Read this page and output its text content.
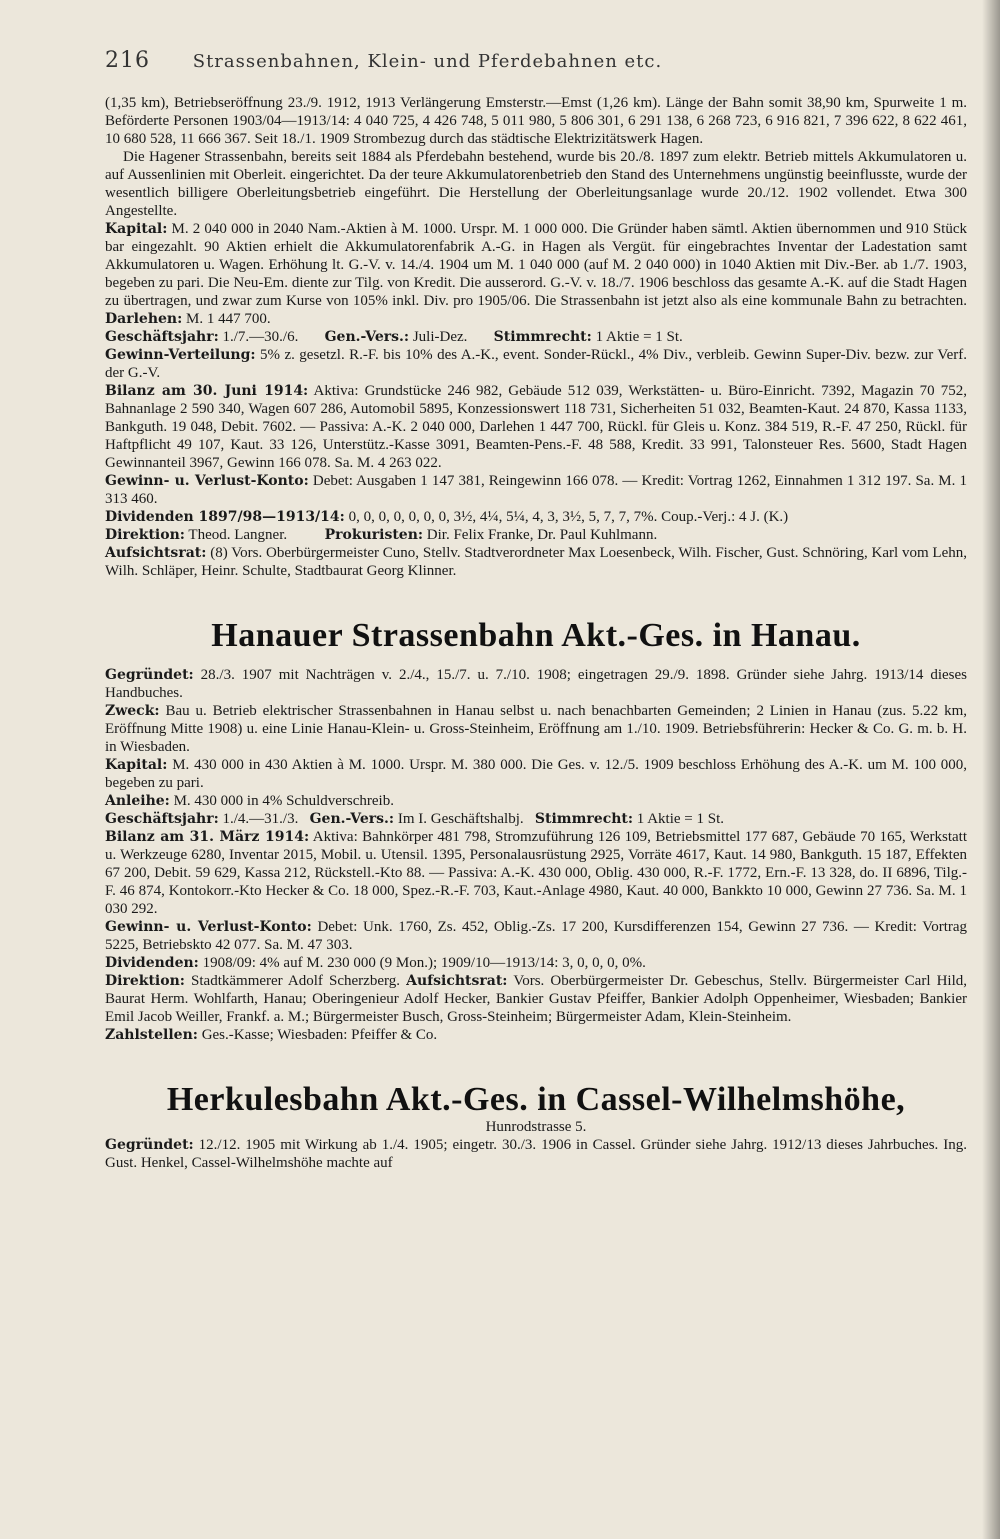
216 Strassenbahnen, Klein- und Pferdebahnen etc.

(1,35 km), Betriebseröffnung 23./9. 1912, 1913 Verlängerung Emsterstr.—Emst (1,26 km). Länge der Bahn somit 38,90 km, Spurweite 1 m. Beförderte Personen 1903/04—1913/14: 4 040 725, 4 426 748, 5 011 980, 5 806 301, 6 291 138, 6 268 723, 6 916 821, 7 396 622, 8 622 461, 10 680 528, 11 666 367. Seit 18./1. 1909 Strombezug durch das städtische Elektrizitätswerk Hagen.

Die Hagener Strassenbahn, bereits seit 1884 als Pferdebahn bestehend, wurde bis 20./8. 1897 zum elektr. Betrieb mittels Akkumulatoren u. auf Aussenlinien mit Oberleit. eingerichtet. Da der teure Akkumulatorenbetrieb den Stand des Unternehmens ungünstig beeinflusste, wurde der wesentlich billigere Oberleitungsbetrieb eingeführt. Die Herstellung der Oberleitungsanlage wurde 20./12. 1902 vollendet. Etwa 300 Angestellte.

Kapital: M. 2 040 000 in 2040 Nam.-Aktien à M. 1000. Urspr. M. 1 000 000. Die Gründer haben sämtl. Aktien übernommen und 910 Stück bar eingezahlt. 90 Aktien erhielt die Akkumulatorenfabrik A.-G. in Hagen als Vergüt. für eingebrachtes Inventar der Ladestation samt Akkumulatoren u. Wagen. Erhöhung lt. G.-V. v. 14./4. 1904 um M. 1 040 000 (auf M. 2 040 000) in 1040 Aktien mit Div.-Ber. ab 1./7. 1903, begeben zu pari. Die Neu-Em. diente zur Tilg. von Kredit. Die ausserord. G.-V. v. 18./7. 1906 beschloss das gesamte A.-K. auf die Stadt Hagen zu übertragen, und zwar zum Kurse von 105% inkl. Div. pro 1905/06. Die Strassenbahn ist jetzt also als eine kommunale Bahn zu betrachten. Darlehen: M. 1 447 700.

Geschäftsjahr: 1./7.—30./6. Gen.-Vers.: Juli-Dez. Stimmrecht: 1 Aktie = 1 St.

Gewinn-Verteilung: 5% z. gesetzl. R.-F. bis 10% des A.-K., event. Sonder-Rückl., 4% Div., verbleib. Gewinn Super-Div. bezw. zur Verf. der G.-V.

Bilanz am 30. Juni 1914: Aktiva: Grundstücke 246 982, Gebäude 512 039, Werkstätten- u. Büro-Einricht. 7392, Magazin 70 752, Bahnanlage 2 590 340, Wagen 607 286, Automobil 5895, Konzessionswert 118 731, Sicherheiten 51 032, Beamten-Kaut. 24 870, Kassa 1133, Bankguth. 19 048, Debit. 7602. — Passiva: A.-K. 2 040 000, Darlehen 1 447 700, Rückl. für Gleis u. Konz. 384 519, R.-F. 47 250, Rückl. für Haftpflicht 49 107, Kaut. 33 126, Unterstütz.-Kasse 3091, Beamten-Pens.-F. 48 588, Kredit. 33 991, Talonsteuer Res. 5600, Stadt Hagen Gewinnanteil 3967, Gewinn 166 078. Sa. M. 4 263 022.

Gewinn- u. Verlust-Konto: Debet: Ausgaben 1 147 381, Reingewinn 166 078. — Kredit: Vortrag 1262, Einnahmen 1 312 197. Sa. M. 1 313 460.

Dividenden 1897/98—1913/14: 0, 0, 0, 0, 0, 0, 0, 3½, 4¼, 5¼, 4, 3, 3½, 5, 7, 7, 7%. Coup.-Verj.: 4 J. (K.)

Direktion: Theod. Langner.	Prokuristen: Dir. Felix Franke, Dr. Paul Kuhlmann.

Aufsichtsrat: (8) Vors. Oberbürgermeister Cuno, Stellv. Stadtverordneter Max Loesenbeck, Wilh. Fischer, Gust. Schnöring, Karl vom Lehn, Wilh. Schläper, Heinr. Schulte, Stadtbaurat Georg Klinner.

Hanauer Strassenbahn Akt.-Ges. in Hanau.

Gegründet: 28./3. 1907 mit Nachträgen v. 2./4., 15./7. u. 7./10. 1908; eingetragen 29./9. 1898. Gründer siehe Jahrg. 1913/14 dieses Handbuches.

Zweck: Bau u. Betrieb elektrischer Strassenbahnen in Hanau selbst u. nach benachbarten Gemeinden; 2 Linien in Hanau (zus. 5.22 km, Eröffnung Mitte 1908) u. eine Linie Hanau-Klein- u. Gross-Steinheim, Eröffnung am 1./10. 1909. Betriebsführerin: Hecker & Co. G. m. b. H. in Wiesbaden.

Kapital: M. 430 000 in 430 Aktien à M. 1000. Urspr. M. 380 000. Die Ges. v. 12./5. 1909 beschloss Erhöhung des A.-K. um M. 100 000, begeben zu pari.

Anleihe: M. 430 000 in 4% Schuldverschreib.

Geschäftsjahr: 1./4.—31./3. Gen.-Vers.: Im I. Geschäftshalbj. Stimmrecht: 1 Aktie = 1 St.

Bilanz am 31. März 1914: Aktiva: Bahnkörper 481 798, Stromzuführung 126 109, Betriebsmittel 177 687, Gebäude 70 165, Werkstatt u. Werkzeuge 6280, Inventar 2015, Mobil. u. Utensil. 1395, Personalausrüstung 2925, Vorräte 4617, Kaut. 14 980, Bankguth. 15 187, Effekten 67 200, Debit. 59 629, Kassa 212, Rückstell.-Kto 88. — Passiva: A.-K. 430 000, Oblig. 430 000, R.-F. 1772, Ern.-F. 13 328, do. II 6896, Tilg.-F. 46 874, Kontokorr.-Kto Hecker & Co. 18 000, Spez.-R.-F. 703, Kaut.-Anlage 4980, Kaut. 40 000, Bankkto 10 000, Gewinn 27 736. Sa. M. 1 030 292.

Gewinn- u. Verlust-Konto: Debet: Unk. 1760, Zs. 452, Oblig.-Zs. 17 200, Kursdifferenzen 154, Gewinn 27 736. — Kredit: Vortrag 5225, Betriebskto 42 077. Sa. M. 47 303.

Dividenden: 1908/09: 4% auf M. 230 000 (9 Mon.); 1909/10—1913/14: 3, 0, 0, 0, 0%.

Direktion: Stadtkämmerer Adolf Scherzberg. Aufsichtsrat: Vors. Oberbürgermeister Dr. Gebeschus, Stellv. Bürgermeister Carl Hild, Baurat Herm. Wohlfarth, Hanau; Oberingenieur Adolf Hecker, Bankier Gustav Pfeiffer, Bankier Adolph Oppenheimer, Wiesbaden; Bankier Emil Jacob Weiller, Frankf. a. M.; Bürgermeister Busch, Gross-Steinheim; Bürgermeister Adam, Klein-Steinheim.

Zahlstellen: Ges.-Kasse; Wiesbaden: Pfeiffer & Co.

Herkulesbahn Akt.-Ges. in Cassel-Wilhelmshöhe,

Hunrodstrasse 5.

Gegründet: 12./12. 1905 mit Wirkung ab 1./4. 1905; eingetr. 30./3. 1906 in Cassel. Gründer siehe Jahrg. 1912/13 dieses Jahrbuches. Ing. Gust. Henkel, Cassel-Wilhelmshöhe machte auf
